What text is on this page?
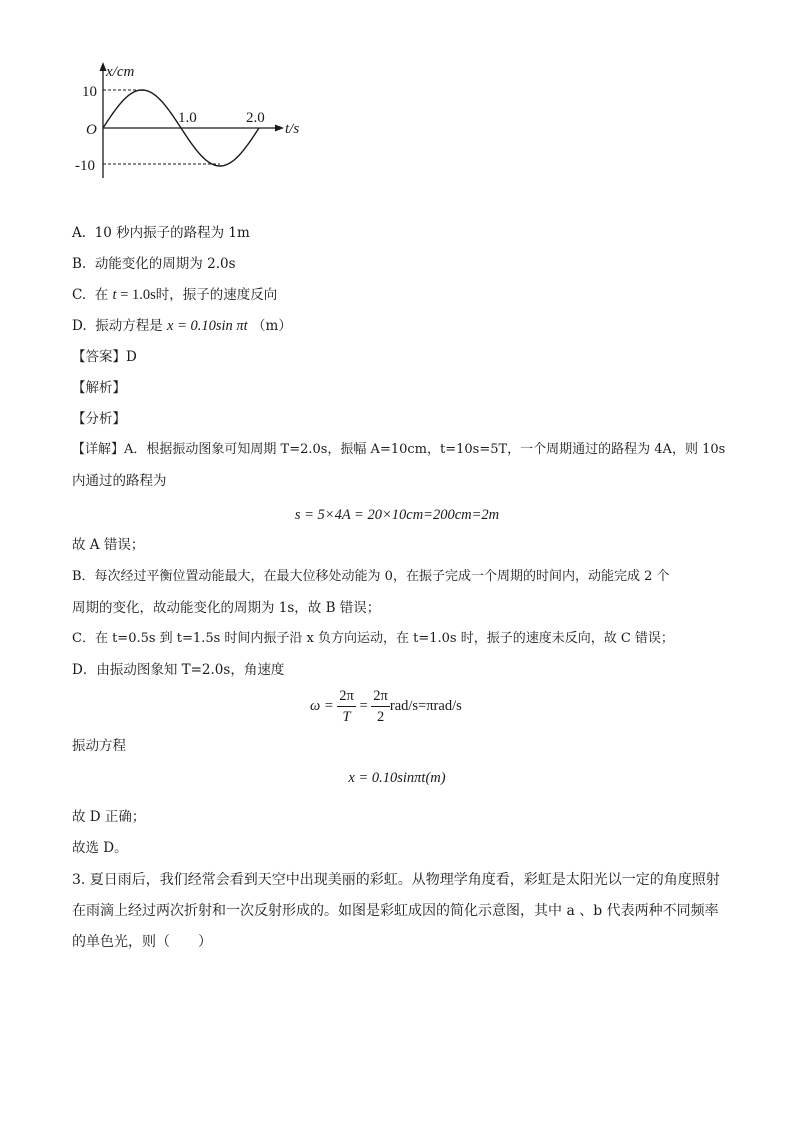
x/cm
t/s
O
10
-10
1.0	2.0
A. 10 秒内振子的路程为 1m
B. 动能变化的周期为 2.0s
C. 在 t = 1.0s时，振子的速度反向
D. 振动方程是 x = 0.10sin πt （m）
【答案】D
【解析】
【分析】
【详解】A．根据振动图象可知周期 T=2.0s，振幅 A=10cm，t=10s=5T，一个周期通过的路程为 4A，则 10s
内通过的路程为
s = 5×4A = 20×10cm=200cm=2m
故 A 错误；
B．每次经过平衡位置动能最大，在最大位移处动能为 0，在振子完成一个周期的时间内，动能完成 2 个
周期的变化，故动能变化的周期为 1s，故 B 错误；
C．在 t=0.5s 到 t=1.5s 时间内振子沿 x 负方向运动，在 t=1.0s 时，振子的速度未反向，故 C 错误；
D．由振动图象知 T=2.0s，角速度
ω =
$\frac{2\pi}{T}$
=
$\frac{2\pi}{2} rad/s=\pi rad/s$
振动方程
x = 0.10sinπt(m)
故 D 正确；
故选 D。
3. 夏日雨后，我们经常会看到天空中出现美丽的彩虹。从物理学角度看，彩虹是太阳光以一定的角度照射
在雨滴上经过两次折射和一次反射形成的。如图是彩虹成因的简化示意图，其中 a 、b 代表两种不同频率
的单色光，则（　　）
